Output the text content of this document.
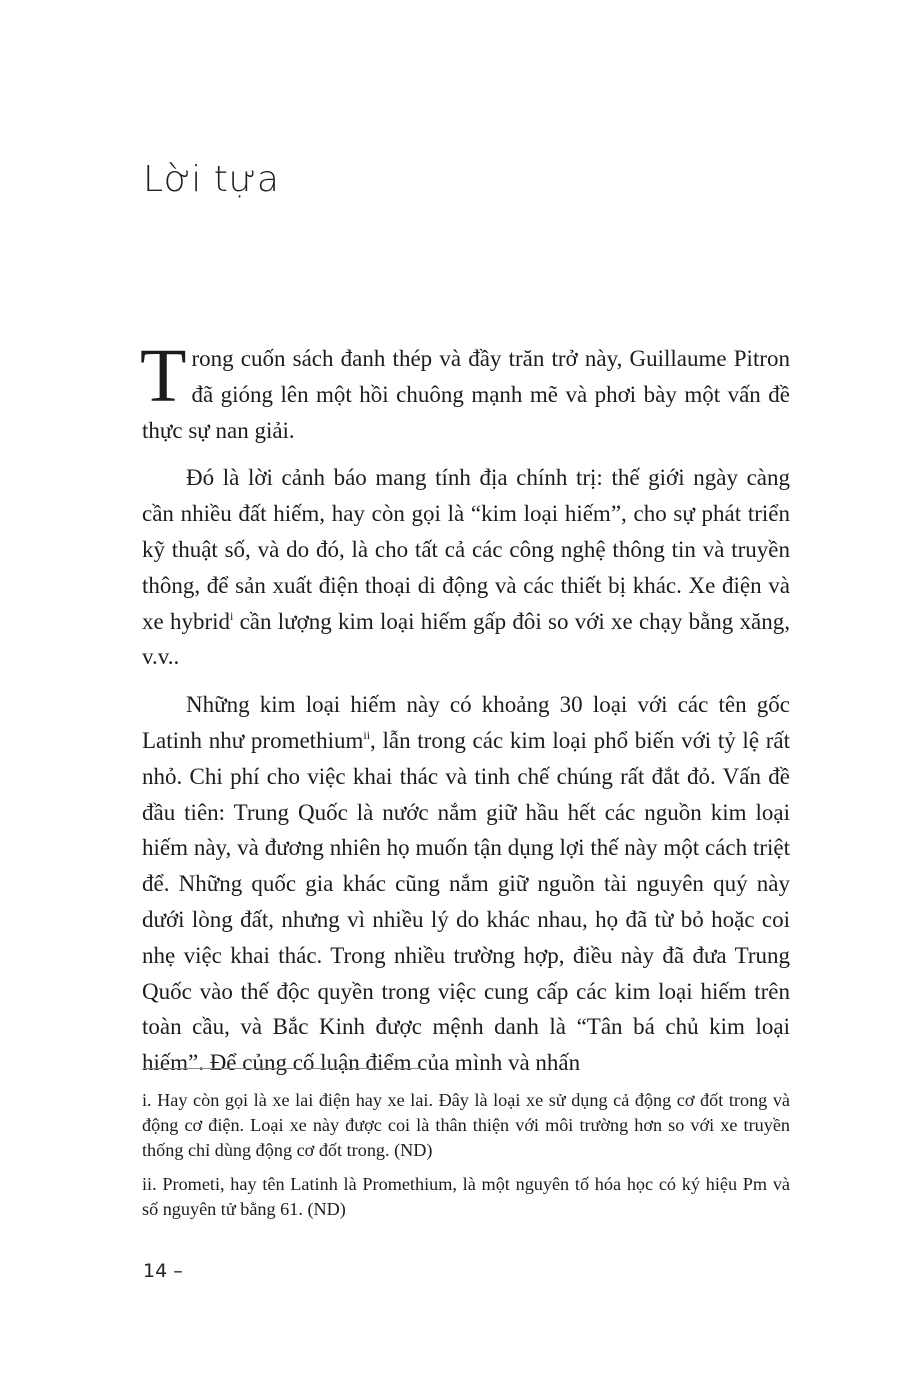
Lời tựa

Trong cuốn sách đanh thép và đầy trăn trở này, Guillaume Pitron đã gióng lên một hồi chuông mạnh mẽ và phơi bày một vấn đề thực sự nan giải.

Đó là lời cảnh báo mang tính địa chính trị: thế giới ngày càng cần nhiều đất hiếm, hay còn gọi là “kim loại hiếm”, cho sự phát triển kỹ thuật số, và do đó, là cho tất cả các công nghệ thông tin và truyền thông, để sản xuất điện thoại di động và các thiết bị khác. Xe điện và xe hybrid$^i$ cần lượng kim loại hiếm gấp đôi so với xe chạy bằng xăng, v.v..

Những kim loại hiếm này có khoảng 30 loại với các tên gốc Latinh như promethium$^{ii}$, lẫn trong các kim loại phổ biến với tỷ lệ rất nhỏ. Chi phí cho việc khai thác và tinh chế chúng rất đắt đỏ. Vấn đề đầu tiên: Trung Quốc là nước nắm giữ hầu hết các nguồn kim loại hiếm này, và đương nhiên họ muốn tận dụng lợi thế này một cách triệt để. Những quốc gia khác cũng nắm giữ nguồn tài nguyên quý này dưới lòng đất, nhưng vì nhiều lý do khác nhau, họ đã từ bỏ hoặc coi nhẹ việc khai thác. Trong nhiều trường hợp, điều này đã đưa Trung Quốc vào thế độc quyền trong việc cung cấp các kim loại hiếm trên toàn cầu, và Bắc Kinh được mệnh danh là “Tân bá chủ kim loại hiếm”. Để củng cố luận điểm của mình và nhấn

i. Hay còn gọi là xe lai điện hay xe lai. Đây là loại xe sử dụng cả động cơ đốt trong và động cơ điện. Loại xe này được coi là thân thiện với môi trường hơn so với xe truyền thống chỉ dùng động cơ đốt trong. (ND)

ii. Prometi, hay tên Latinh là Promethium, là một nguyên tố hóa học có ký hiệu Pm và số nguyên tử bằng 61. (ND)

14 –
